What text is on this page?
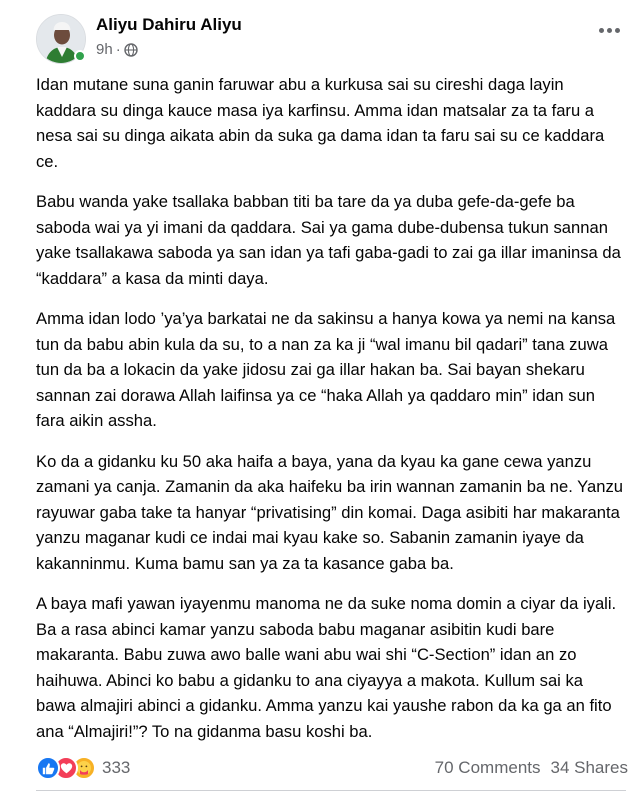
Aliyu Dahiru Aliyu
9h ·

Idan mutane suna ganin faruwar abu a kurkusa sai su cireshi daga layin kaddara su dinga kauce masa iya karfinsu. Amma idan matsalar za ta faru a nesa sai su dinga aikata abin da suka ga dama idan ta faru sai su ce kaddara ce.

Babu wanda yake tsallaka babban titi ba tare da ya duba gefe-da-gefe ba saboda wai ya yi imani da qaddara. Sai ya gama dube-dubensa tukun sannan yake tsallakawa saboda ya san idan ya tafi gaba-gadi to zai ga illar imaninsa da “kaddara” a kasa da minti daya.

Amma idan lodo ’ya’ya barkatai ne da sakinsu a hanya kowa ya nemi na kansa tun da babu abin kula da su, to a nan za ka ji “wal imanu bil qadari” tana zuwa tun da ba a lokacin da yake jidosu zai ga illar hakan ba. Sai bayan shekaru sannan zai dorawa Allah laifinsa ya ce “haka Allah ya qaddaro min” idan sun fara aikin assha.

Ko da a gidanku ku 50 aka haifa a baya, yana da kyau ka gane cewa yanzu zamani ya canja. Zamanin da aka haifeku ba irin wannan zamanin ba ne. Yanzu rayuwar gaba take ta hanyar “privatising” din komai. Daga asibiti har makaranta yanzu maganar kudi ce indai mai kyau kake so. Sabanin zamanin iyaye da kakanninmu. Kuma bamu san ya za ta kasance gaba ba.

A baya mafi yawan iyayenmu manoma ne da suke noma domin a ciyar da iyali. Ba a rasa abinci kamar yanzu saboda babu maganar asibitin kudi bare makaranta. Babu zuwa awo balle wani abu wai shi “C-Section” idan an zo haihuwa. Abinci ko babu a gidanku to ana ciyayya a makota. Kullum sai ka bawa almajiri abinci a gidanku. Amma yanzu kai yaushe rabon da ka ga an fito ana “Almajiri!”? To na gidanma basu koshi ba.

333	70 Comments 34 Shares
